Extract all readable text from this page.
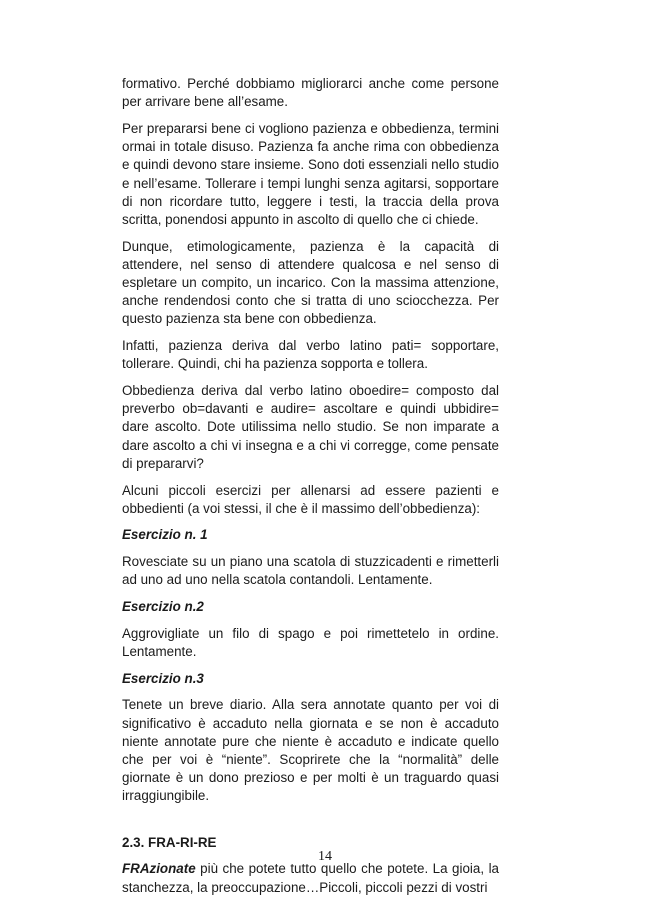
formativo. Perché dobbiamo migliorarci anche come persone per arrivare bene all’esame.

Per prepararsi bene ci vogliono pazienza e obbedienza, termini ormai in totale disuso. Pazienza fa anche rima con obbedienza e quindi devono stare insieme. Sono doti essenziali nello studio e nell’esame. Tollerare i tempi lunghi senza agitarsi, sopportare di non ricordare tutto, leggere i testi, la traccia della prova scritta, ponendosi appunto in ascolto di quello che ci chiede.

Dunque, etimologicamente, pazienza è la capacità di attendere, nel senso di attendere qualcosa e nel senso di espletare un compito, un incarico. Con la massima attenzione, anche rendendosi conto che si tratta di uno sciocchezza. Per questo pazienza sta bene con obbedienza.

Infatti, pazienza deriva dal verbo latino pati= sopportare, tollerare. Quindi, chi ha pazienza sopporta e tollera.

Obbedienza deriva dal verbo latino oboedire= composto dal preverbo ob=davanti e audire= ascoltare e quindi ubbidire= dare ascolto. Dote utilissima nello studio. Se non imparate a dare ascolto a chi vi insegna e a chi vi corregge, come pensate di prepararvi?

Alcuni piccoli esercizi per allenarsi ad essere pazienti e obbedienti (a voi stessi, il che è il massimo dell’obbedienza):

Esercizio n. 1

Rovesciate su un piano una scatola di stuzzicadenti e rimetterli ad uno ad uno nella scatola contandoli. Lentamente.

Esercizio n.2

Aggrovigliate un filo di spago e poi rimettetelo in ordine. Lentamente.

Esercizio n.3

Tenete un breve diario. Alla sera annotate quanto per voi di significativo è accaduto nella giornata e se non è accaduto niente annotate pure che niente è accaduto e indicate quello che per voi è “niente”. Scoprirete che la “normalità” delle giornate è un dono prezioso e per molti è un traguardo quasi irraggiungibile.

2.3. FRA-RI-RE

FRAzionate più che potete tutto quello che potete. La gioia, la stanchezza, la preoccupazione…Piccoli, piccoli pezzi di vostri

14
